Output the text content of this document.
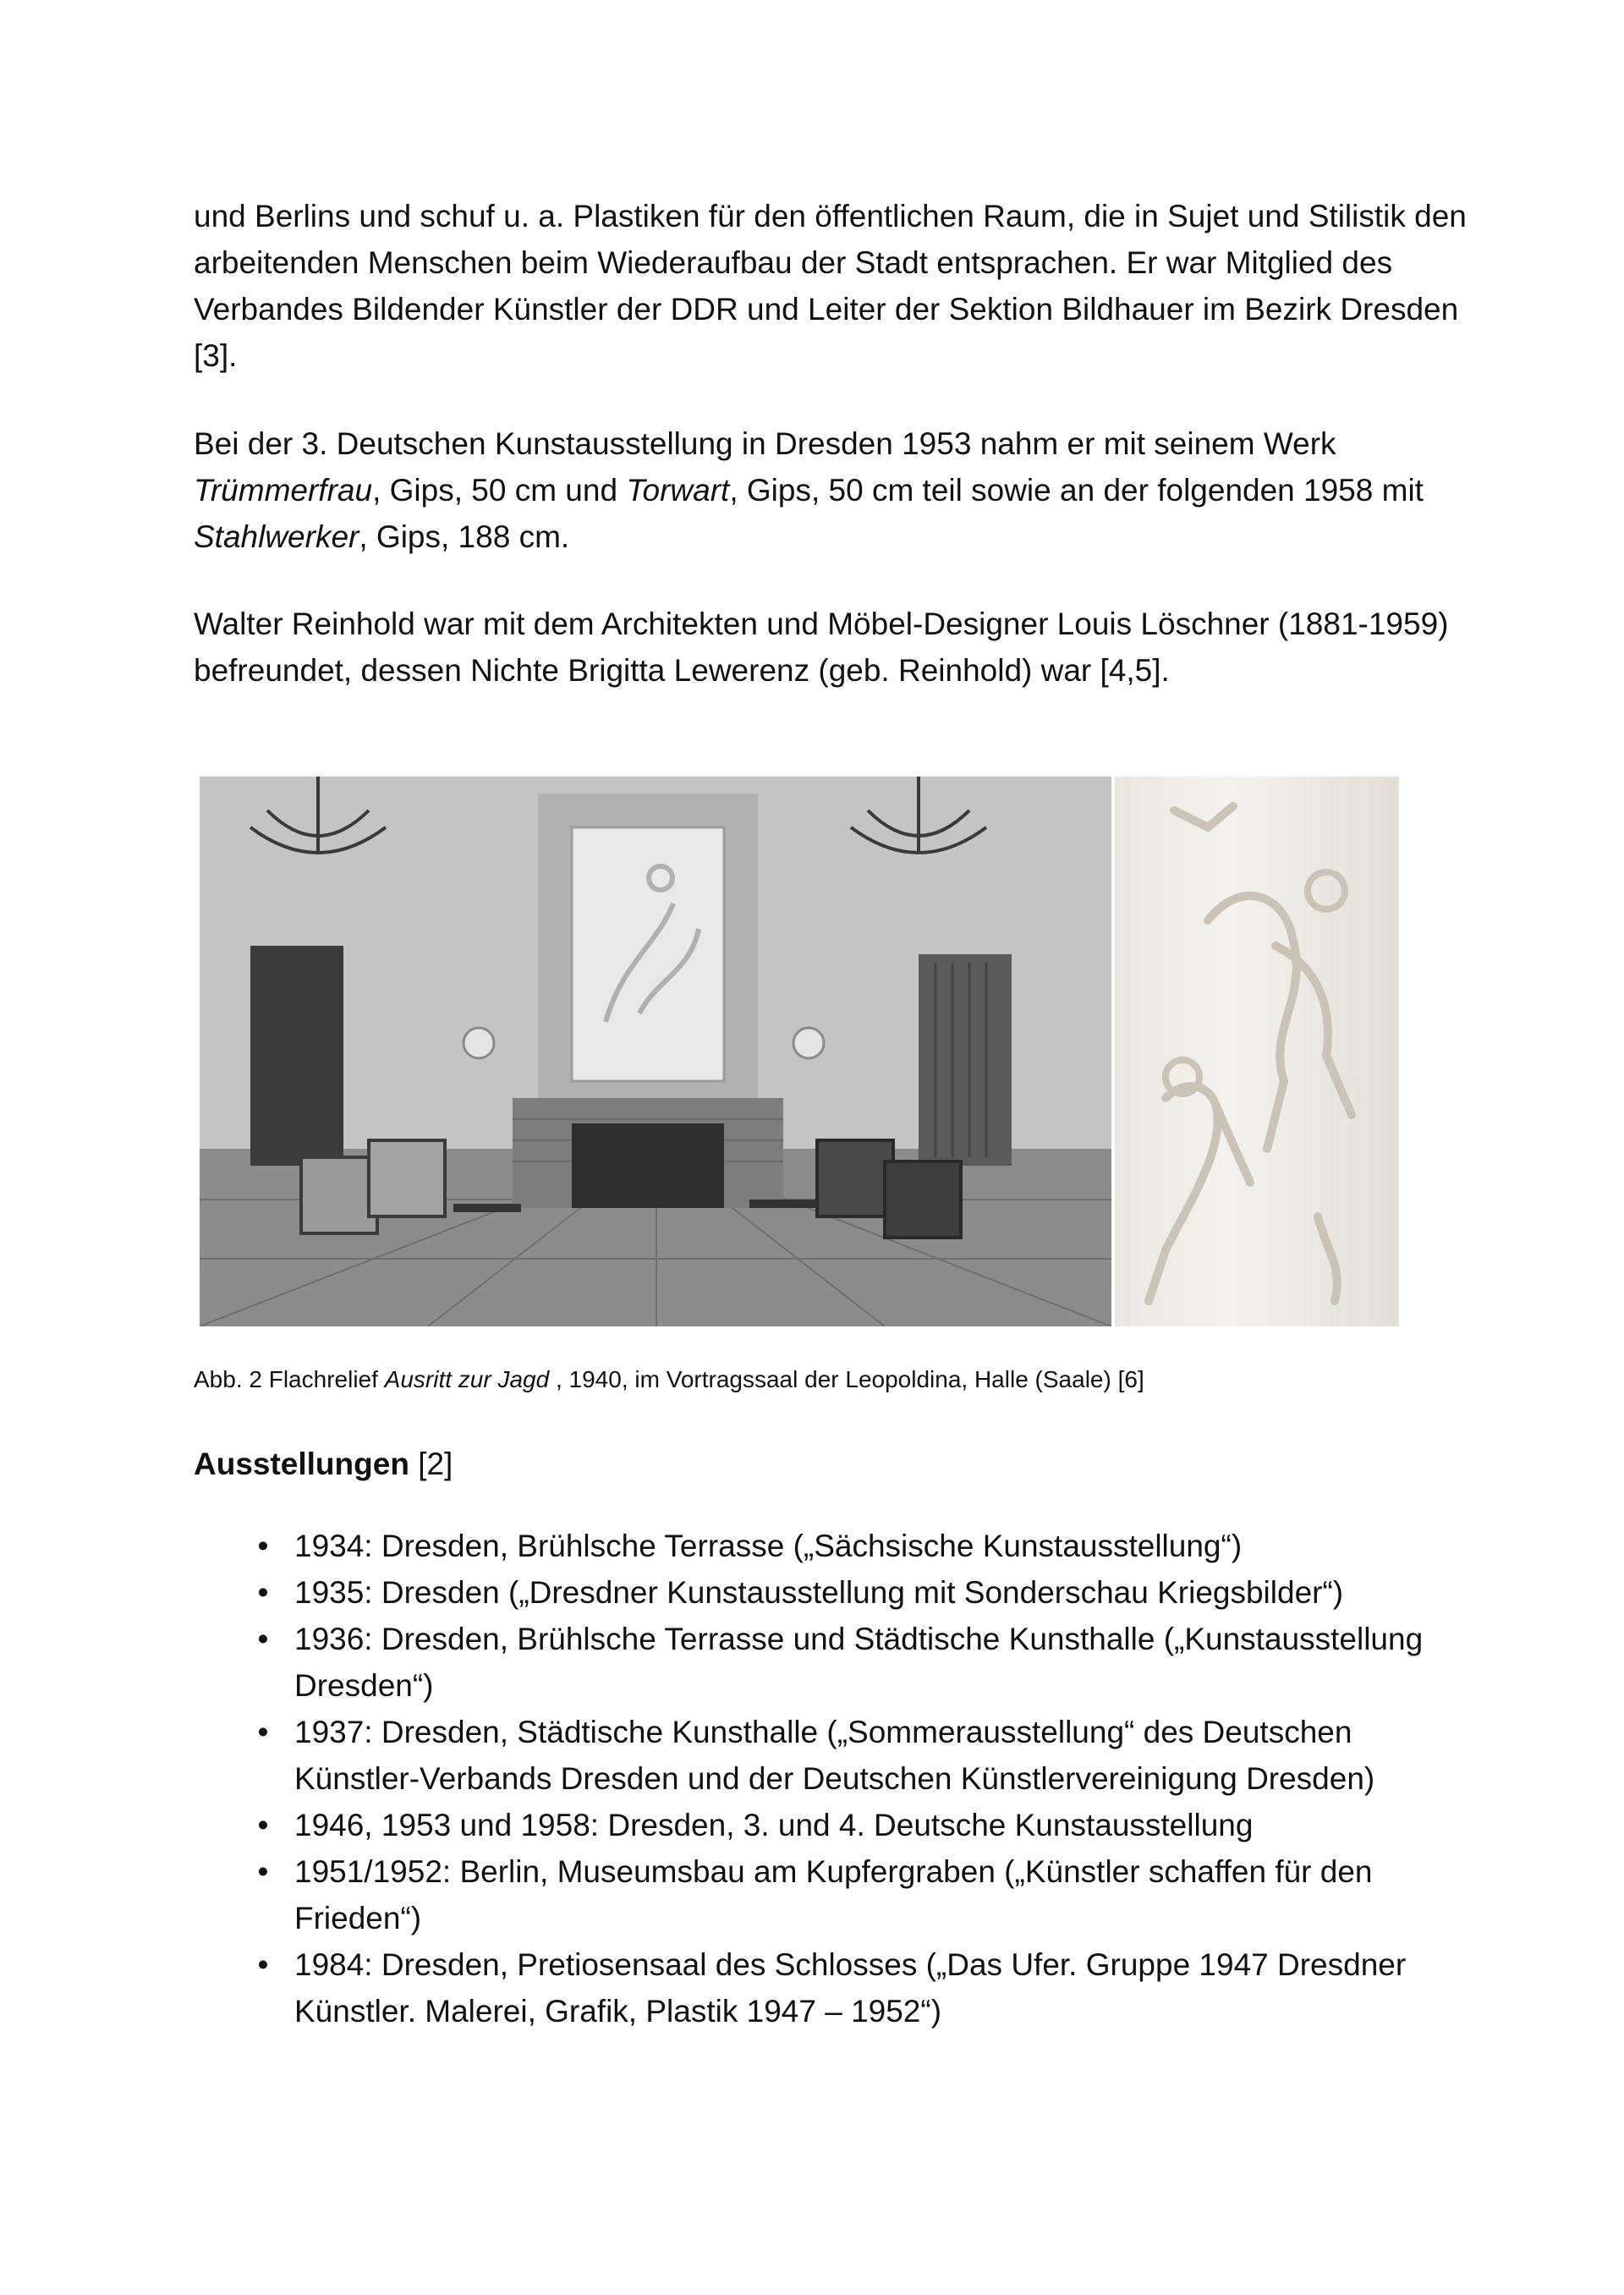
und Berlins und schuf u. a. Plastiken für den öffentlichen Raum, die in Sujet und Stilistik den arbeitenden Menschen beim Wiederaufbau der Stadt entsprachen. Er war Mitglied des Verbandes Bildender Künstler der DDR und Leiter der Sektion Bildhauer im Bezirk Dresden [3].

Bei der 3. Deutschen Kunstausstellung in Dresden 1953 nahm er mit seinem Werk Trümmerfrau, Gips, 50 cm und Torwart, Gips, 50 cm teil sowie an der folgenden 1958 mit Stahlwerker, Gips, 188 cm.

Walter Reinhold war mit dem Architekten und Möbel-Designer Louis Löschner (1881-1959) befreundet, dessen Nichte Brigitta Lewerenz (geb. Reinhold) war [4,5].

Abb. 2 Flachrelief Ausritt zur Jagd , 1940, im Vortragssaal der Leopoldina, Halle (Saale) [6]

Ausstellungen [2]
• 1934: Dresden, Brühlsche Terrasse („Sächsische Kunstausstellung“)
• 1935: Dresden („Dresdner Kunstausstellung mit Sonderschau Kriegsbilder“)
• 1936: Dresden, Brühlsche Terrasse und Städtische Kunsthalle („Kunstausstellung Dresden“)
• 1937: Dresden, Städtische Kunsthalle („Sommerausstellung“ des Deutschen Künstler-Verbands Dresden und der Deutschen Künstlervereinigung Dresden)
• 1946, 1953 und 1958: Dresden, 3. und 4. Deutsche Kunstausstellung
• 1951/1952: Berlin, Museumsbau am Kupfergraben („Künstler schaffen für den Frieden“)
• 1984: Dresden, Pretiosensaal des Schlosses („Das Ufer. Gruppe 1947 Dresdner Künstler. Malerei, Grafik, Plastik 1947 – 1952“)
